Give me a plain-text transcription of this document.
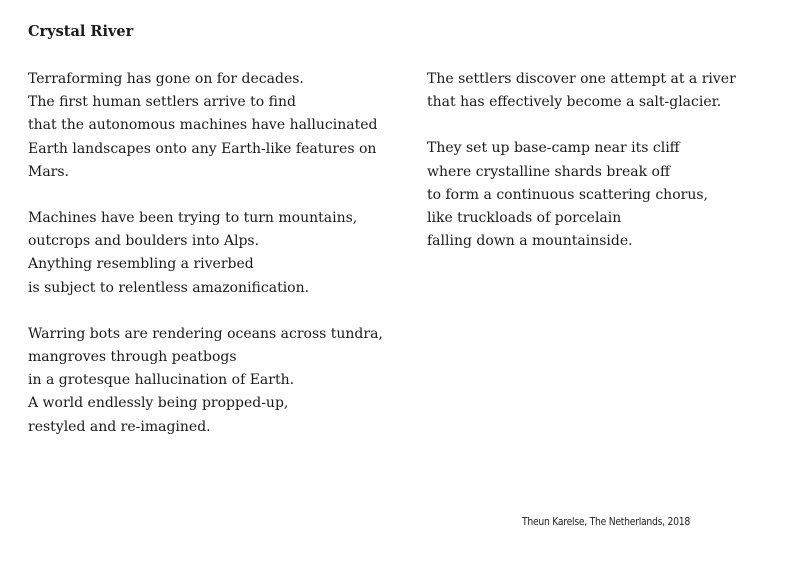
Crystal River
Terraforming has gone on for decades.
The first human settlers arrive to find
that the autonomous machines have hallucinated
Earth landscapes onto any Earth-like features on
Mars.
Machines have been trying to turn mountains,
outcrops and boulders into Alps.
Anything resembling a riverbed
is subject to relentless amazonification.
Warring bots are rendering oceans across tundra,
mangroves through peatbogs
in a grotesque hallucination of Earth.
A world endlessly being propped-up,
restyled and re-imagined.
The settlers discover one attempt at a river
that has effectively become a salt-glacier.
They set up base-camp near its cliff
where crystalline shards break off
to form a continuous scattering chorus,
like truckloads of porcelain
falling down a mountainside.
Theun Karelse, The Netherlands, 2018
